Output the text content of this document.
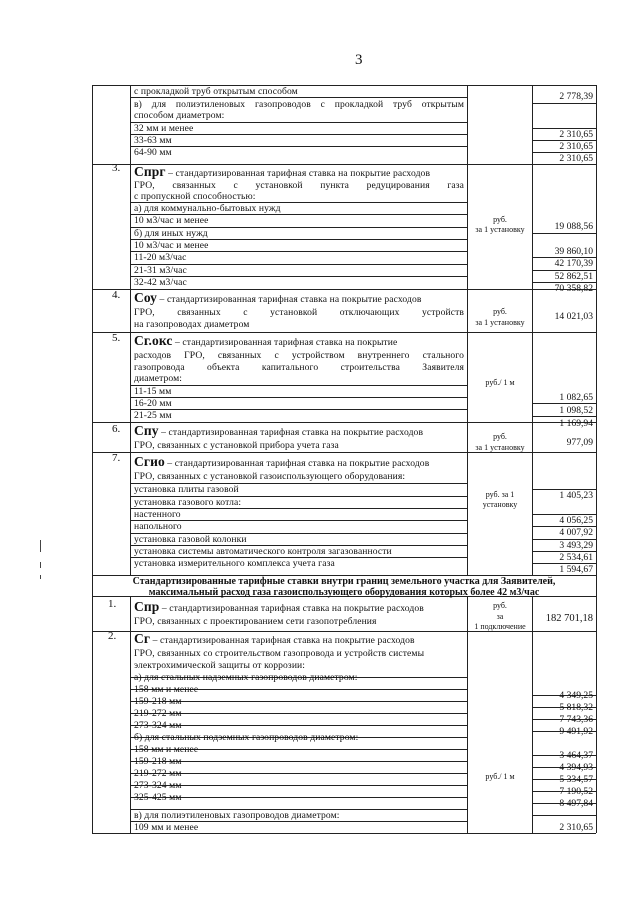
3
с прокладкой труб открытым способом
в) для полиэтиленовых газопроводов с прокладкой труб открытым
способом диаметром:
32 мм и менее
33-63 мм
64-90 мм
2 778,39
2 310,65
2 310,65
2 310,65
3. Спрг – стандартизированная тарифная ставка на покрытие расходов
ГРО, связанных с установкой пункта редуцирования газа
с пропускной способностью:
а) для коммунально-бытовых нужд
10 м3/час и менее
б) для иных нужд
10 м3/час и менее
11-20 м3/час
21-31 м3/час
32-42 м3/час
руб.
за 1 установку	19 088,56
39 860,10
42 170,39
52 862,51
70 358,82
4. Соу – стандартизированная тарифная ставка на покрытие расходов
ГРО, связанных с установкой отключающих устройств
на газопроводах диаметром
руб.
за 1 установку
14 021,03
5. Сг.окс – стандартизированная тарифная ставка на покрытие
расходов ГРО, связанных с устройством внутреннего стального
газопровода объекта капитального строительства Заявителя
диаметром:
11-15 мм
16-20 мм
21-25 мм
руб./ 1 м
1 082,65
1 098,52
1 169,94
6. Спу – стандартизированная тарифная ставка на покрытие расходов
ГРО, связанных с установкой прибора учета газа
руб.
за 1 установку	977,09
7. Сгио – стандартизированная тарифная ставка на покрытие расходов
ГРО, связанных с установкой газоиспользующего оборудования:
установка плиты газовой
установка газового котла:
настенного
напольного
установка газовой колонки
установка системы автоматического контроля загазованности
установка измерительного комплекса учета газа
руб. за 1
установку
1 405,23
4 056,25
4 007,92
3 493,29
2 534,61
1 594,67
Стандартизированные тарифные ставки внутри границ земельного участка для Заявителей,
максимальный расход газа газоиспользующего оборудования которых более 42 м3/час
1. Спр – стандартизированная тарифная ставка на покрытие расходов
ГРО, связанных с проектированием сети газопотребления
руб.
за
1 подключение
182 701,18
2. Сг – стандартизированная тарифная ставка на покрытие расходов
ГРО, связанных со строительством газопровода и устройств системы
электрохимической защиты от коррозии:
а) для стальных надземных газопроводов диаметром:
158 мм и менее
159-218 мм
219-272 мм
273-324 мм
б) для стальных подземных газопроводов диаметром:
158 мм и менее
159-218 мм
219-272 мм
273-324 мм
325-425 мм
в) для полиэтиленовых газопроводов диаметром:
109 мм и менее
руб./ 1 м
4 349,25
5 818,32
7 743,36
9 491,92
3 464,37
4 394,93
5 334,57
7 190,52
8 497,84
2 310,65
